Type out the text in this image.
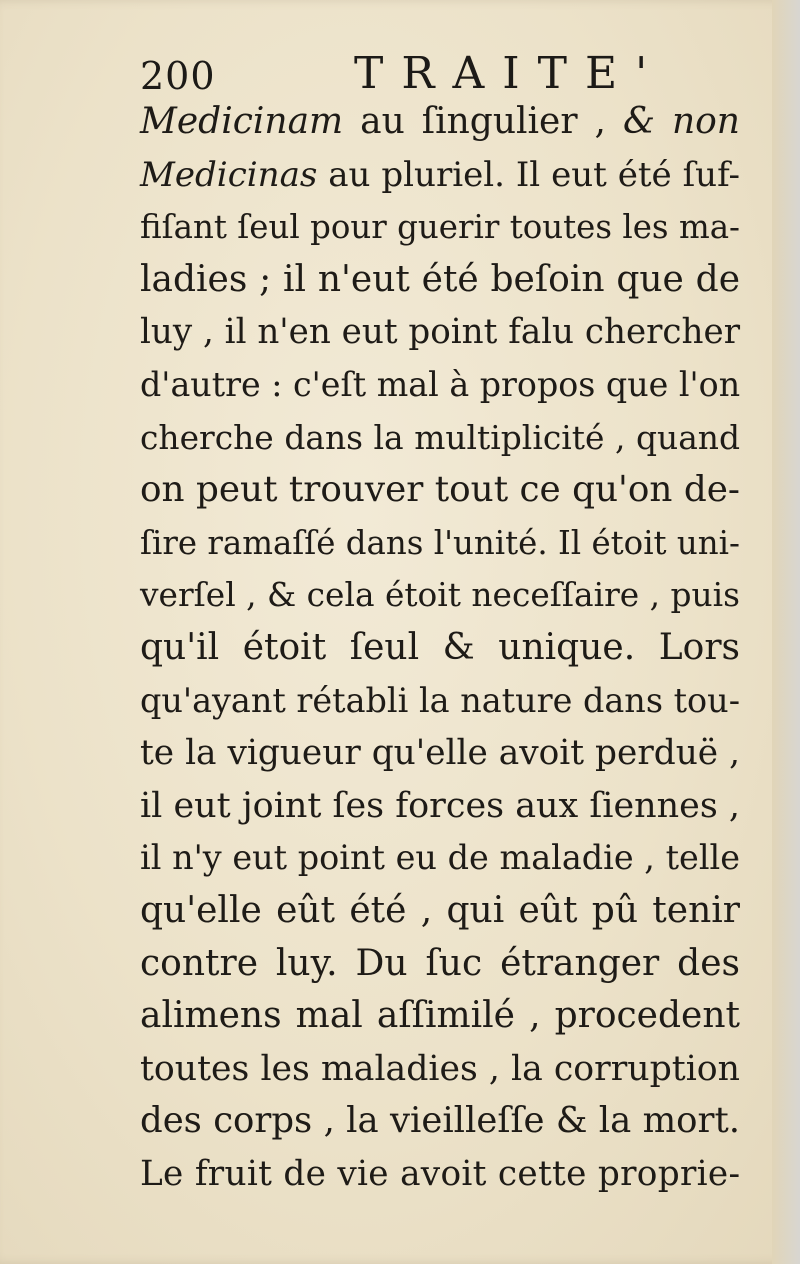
200	TRAITE'
Medicinam au ſingulier , & non
Medicinas au pluriel. Il eut été ſuf-
fiſant ſeul pour guerir toutes les ma-
ladies ; il n'eut été beſoin que de
luy , il n'en eut point falu chercher
d'autre : c'eſt mal à propos que l'on
cherche dans la multiplicité , quand
on peut trouver tout ce qu'on de-
ſire ramaſſé dans l'unité. Il étoit uni-
verſel , & cela étoit neceſſaire , puis
qu'il étoit ſeul & unique. Lors
qu'ayant rétabli la nature dans tou-
te la vigueur qu'elle avoit perduë ,
il eut joint ſes forces aux ſiennes ,
il n'y eut point eu de maladie , telle
qu'elle eût été , qui eût pû tenir
contre luy. Du ſuc étranger des
alimens mal aſſimilé , procedent
toutes les maladies , la corruption
des corps , la vieilleſſe & la mort.
Le fruit de vie avoit cette proprie-
